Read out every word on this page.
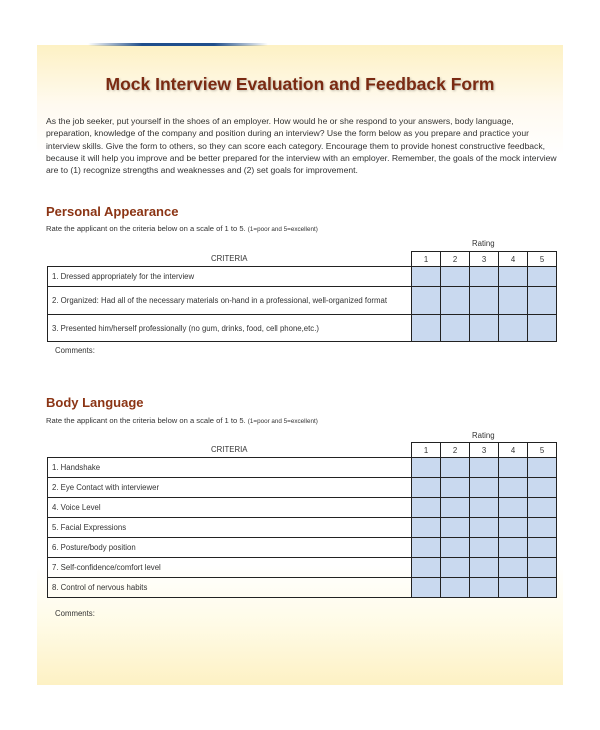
Mock Interview Evaluation and Feedback Form

As the job seeker, put yourself in the shoes of an employer. How would he or she respond to your answers, body language, preparation, knowledge of the company and position during an interview? Use the form below as you prepare and practice your interview skills. Give the form to others, so they can score each category. Encourage them to provide honest constructive feedback, because it will help you improve and be better prepared for the interview with an employer. Remember, the goals of the mock interview are to (1) recognize strengths and weaknesses and (2) set goals for improvement.

Personal Appearance
Rate the applicant on the criteria below on a scale of 1 to 5. (1=poor and 5=excellent)
Rating
CRITERIA	1	2	3	4	5
1. Dressed appropriately for the interview					
2. Organized: Had all of the necessary materials on-hand in a professional, well-organized format					
3. Presented him/herself professionally (no gum, drinks, food, cell phone,etc.)					
Comments:
Body Language
Rate the applicant on the criteria below on a scale of 1 to 5. (1=poor and 5=excellent)
Rating
CRITERIA	1	2	3	4	5
1. Handshake					
2. Eye Contact with interviewer					
4. Voice Level					
5. Facial Expressions					
6. Posture/body position					
7. Self-confidence/comfort level					
8. Control of nervous habits					
Comments:
